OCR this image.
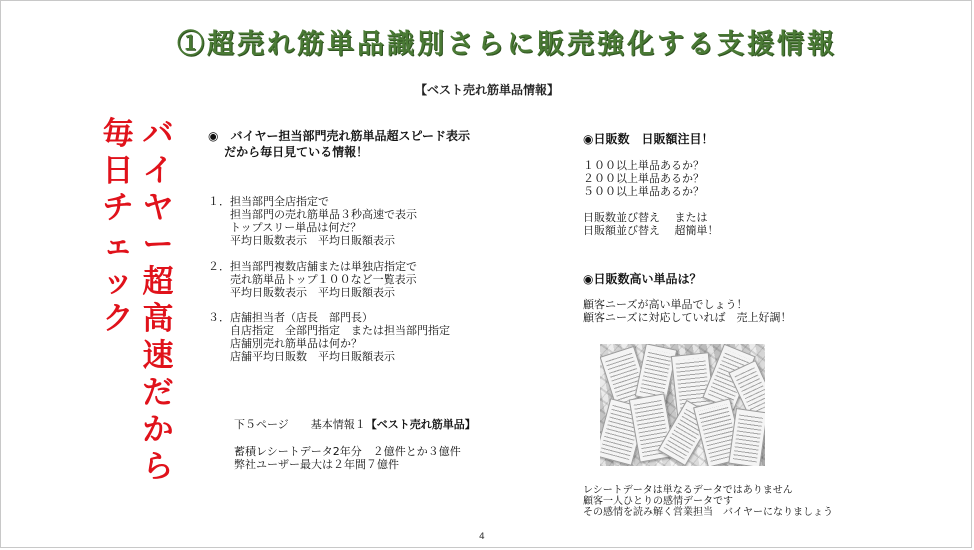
①超売れ筋単品識別さらに販売強化する支援情報
【ベスト売れ筋単品情報】
毎
日
チ
ェ
ッ
ク
バ
イ
ヤ
ー
超
高
速
だ
か
ら
◉　バイヤー担当部門売れ筋単品超スピード表示
　 だから毎日見ている情報！
１．担当部門全店指定で
　　担当部門の売れ筋単品３秒高速で表示
　　トップスリー単品は何だ？
　　平均日販数表示　平均日販額表示
２．担当部門複数店舗または単独店指定で
　　売れ筋単品トップ１００など一覧表示
　　平均日販数表示　平均日販額表示
３．店舗担当者（店長　部門長）
　　自店指定　全部門指定　または担当部門指定
　　店舗別売れ筋単品は何か？
　　店舗平均日販数　平均日販額表示
下５ページ　　基本情報１【ベスト売れ筋単品】
蓄積レシートデータ2年分　２億件とか３億件
弊社ユーザー最大は２年間７億件
◉日販数　日販額注目！
１００以上単品あるか？
２００以上単品あるか？
５００以上単品あるか？
日販数並び替え　 または
日販額並び替え　 超簡単！
◉日販数高い単品は？
顧客ニーズが高い単品でしょう！
顧客ニーズに対応していれば　売上好調！
レシートデータは単なるデータではありません
顧客一人ひとりの感情データです
その感情を読み解く営業担当　バイヤーになりましょう
4
